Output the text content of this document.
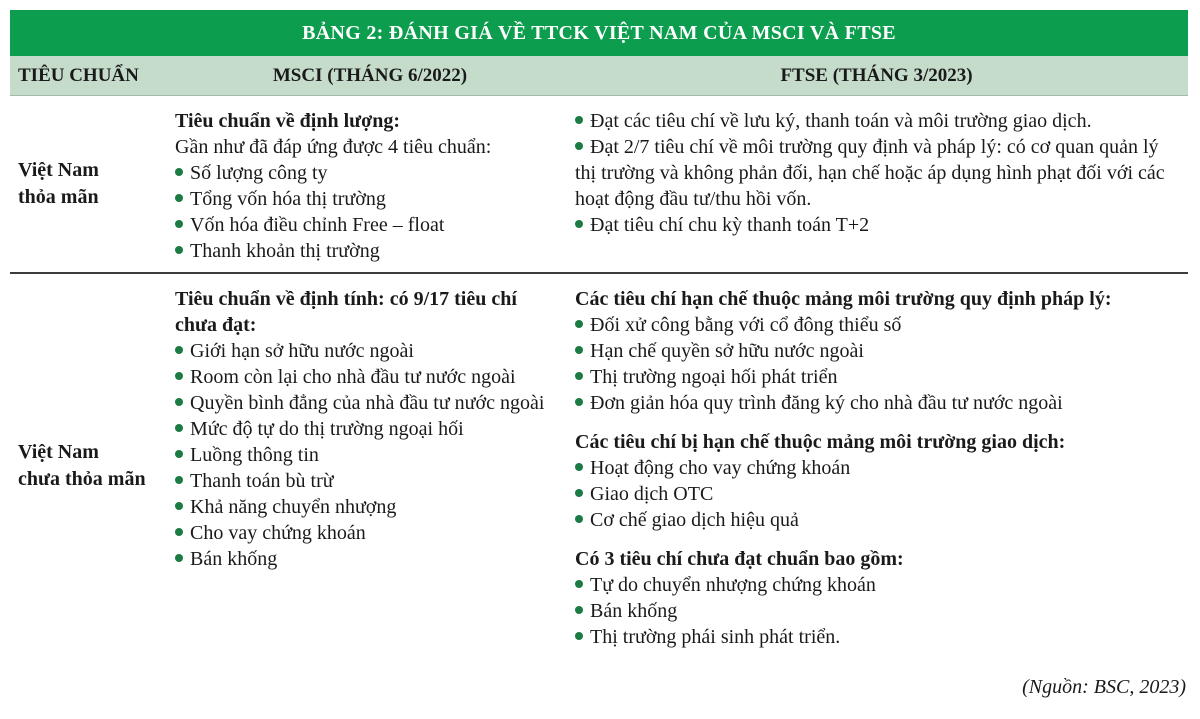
BẢNG 2: ĐÁNH GIÁ VỀ TTCK VIỆT NAM CỦA MSCI VÀ FTSE
TIÊU CHUẨN	MSCI (THÁNG 6/2022)	FTSE (THÁNG 3/2023)
Việt Nam
thỏa mãn
Tiêu chuẩn về định lượng:
Gần như đã đáp ứng được 4 tiêu chuẩn:
Số lượng công ty
Tổng vốn hóa thị trường
Vốn hóa điều chỉnh Free – float
Thanh khoản thị trường
Đạt các tiêu chí về lưu ký, thanh toán và môi trường giao dịch.
Đạt 2/7 tiêu chí về môi trường quy định và pháp lý: có cơ quan quản lý thị trường và không phản đối, hạn chế hoặc áp dụng hình phạt đối với các hoạt động đầu tư/thu hồi vốn.
Đạt tiêu chí chu kỳ thanh toán T+2
Việt Nam
chưa thỏa mãn
Tiêu chuẩn về định tính: có 9/17 tiêu chí chưa đạt:
Giới hạn sở hữu nước ngoài
Room còn lại cho nhà đầu tư nước ngoài
Quyền bình đẳng của nhà đầu tư nước ngoài
Mức độ tự do thị trường ngoại hối
Luồng thông tin
Thanh toán bù trừ
Khả năng chuyển nhượng
Cho vay chứng khoán
Bán khống
Các tiêu chí hạn chế thuộc mảng môi trường quy định pháp lý:
Đối xử công bằng với cổ đông thiểu số
Hạn chế quyền sở hữu nước ngoài
Thị trường ngoại hối phát triển
Đơn giản hóa quy trình đăng ký cho nhà đầu tư nước ngoài
Các tiêu chí bị hạn chế thuộc mảng môi trường giao dịch:
Hoạt động cho vay chứng khoán
Giao dịch OTC
Cơ chế giao dịch hiệu quả
Có 3 tiêu chí chưa đạt chuẩn bao gồm:
Tự do chuyển nhượng chứng khoán
Bán khống
Thị trường phái sinh phát triển.
(Nguồn: BSC, 2023)
